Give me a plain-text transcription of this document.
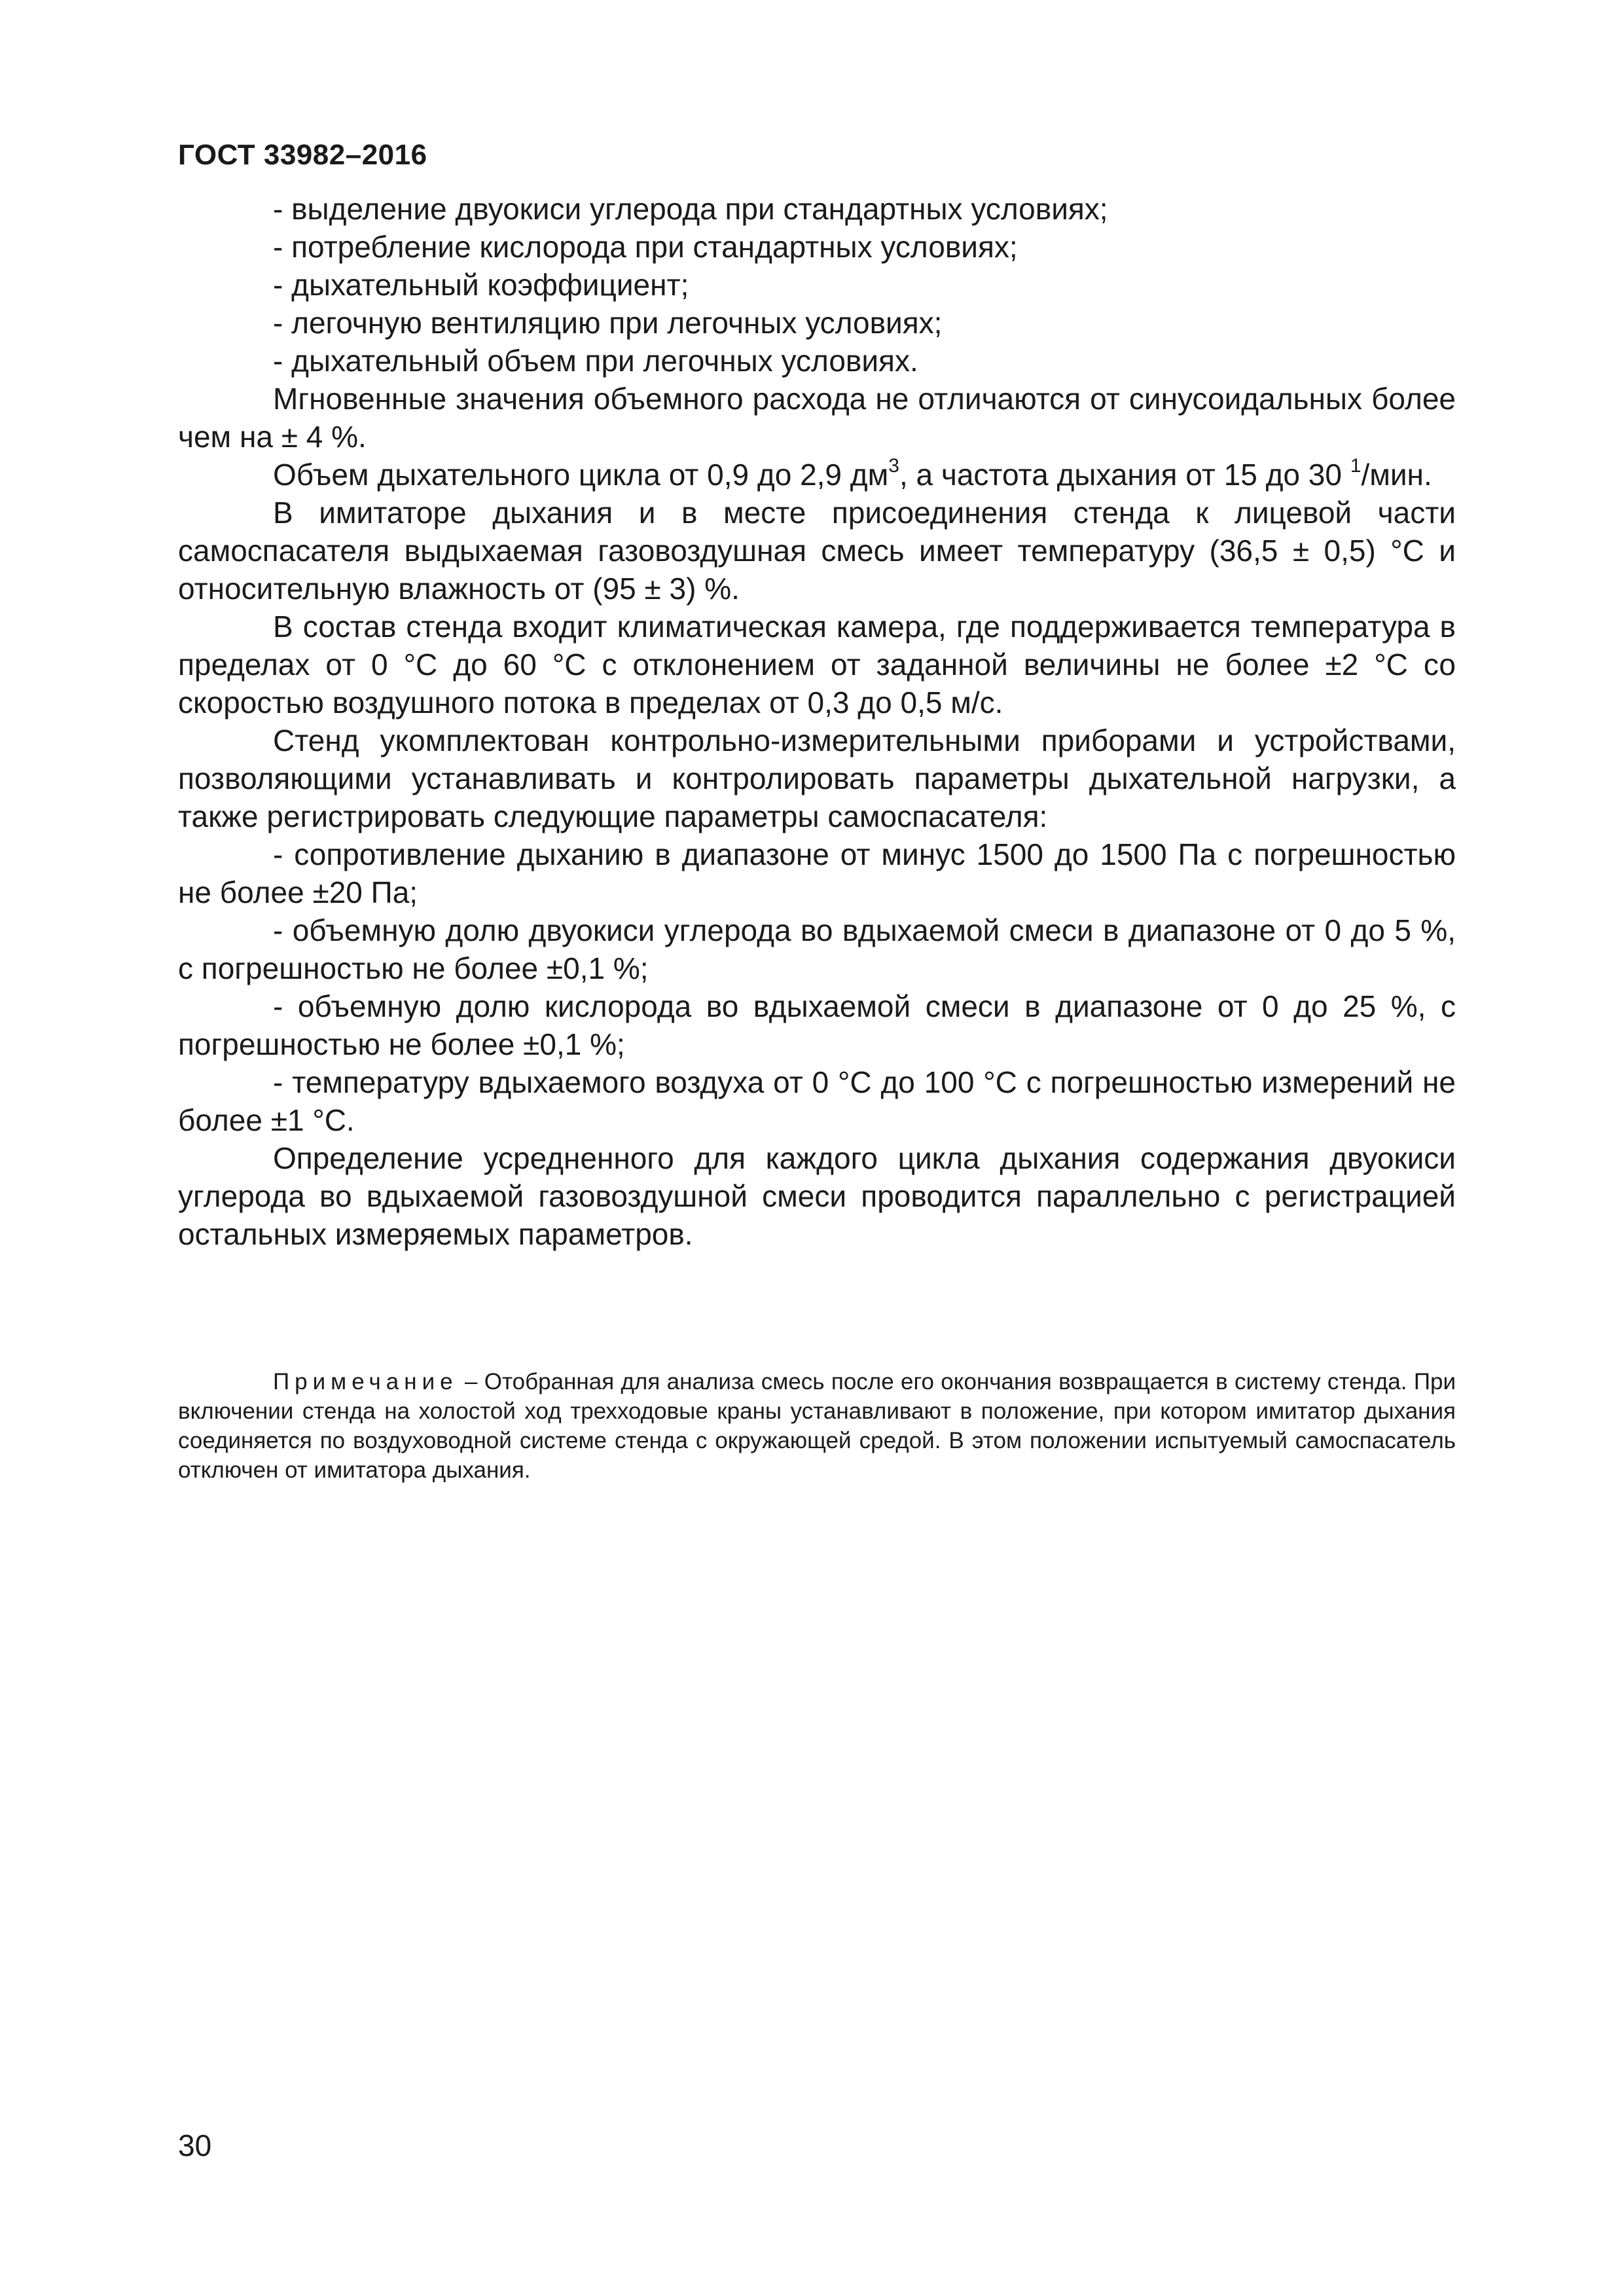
ГОСТ 33982–2016

- выделение двуокиси углерода при стандартных условиях;

- потребление кислорода при стандартных условиях;

- дыхательный коэффициент;

- легочную вентиляцию при легочных условиях;

- дыхательный объем при легочных условиях.

Мгновенные значения объемного расхода не отличаются от синусоидальных более чем на ± 4 %.

Объем дыхательного цикла от 0,9 до 2,9 $дм^3$, а частота дыхания от 15 до 30 $^1$/мин.

В имитаторе дыхания и в месте присоединения стенда к лицевой части самоспасателя выдыхаемая газовоздушная смесь имеет температуру (36,5 ± 0,5) °С и относительную влажность от (95 ± 3) %.

В состав стенда входит климатическая камера, где поддерживается температура в пределах от 0 °С до 60 °С с отклонением от заданной величины не более ±2 °С со скоростью воздушного потока в пределах от 0,3 до 0,5 м/с.

Стенд укомплектован контрольно-измерительными приборами и устройствами, позволяющими устанавливать и контролировать параметры дыхательной нагрузки, а также регистрировать следующие параметры самоспасателя:

- сопротивление дыханию в диапазоне от минус 1500 до 1500 Па с погрешностью не более ±20 Па;

- объемную долю двуокиси углерода во вдыхаемой смеси в диапазоне от 0 до 5 %, с погрешностью не более ±0,1 %;

- объемную долю кислорода во вдыхаемой смеси в диапазоне от 0 до 25 %, с погрешностью не более ±0,1 %;

- температуру вдыхаемого воздуха от 0 °С до 100 °С с погрешностью измерений не более ±1 °С.

Определение усредненного для каждого цикла дыхания содержания двуокиси углерода во вдыхаемой газовоздушной смеси проводится параллельно с регистрацией остальных измеряемых параметров.

Примечание – Отобранная для анализа смесь после его окончания возвращается в систему стенда. При включении стенда на холостой ход трехходовые краны устанавливают в положение, при котором имитатор дыхания соединяется по воздуховодной системе стенда с окружающей средой. В этом положении испытуемый самоспасатель отключен от имитатора дыхания.

30
